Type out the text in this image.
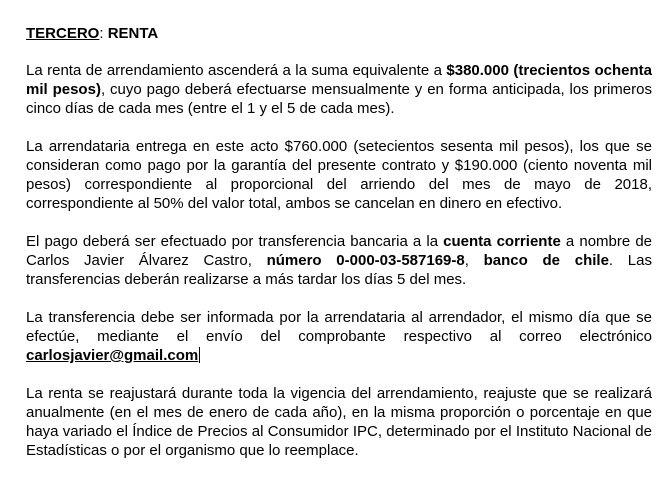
TERCERO: RENTA

La renta de arrendamiento ascenderá a la suma equivalente a $380.000 (trecientos ochenta mil pesos), cuyo pago deberá efectuarse mensualmente y en forma anticipada, los primeros cinco días de cada mes (entre el 1 y el 5 de cada mes).

La arrendataria entrega en este acto $760.000 (setecientos sesenta mil pesos), los que se consideran como pago por la garantía del presente contrato y $190.000 (ciento noventa mil pesos) correspondiente al proporcional del arriendo del mes de mayo de 2018, correspondiente al 50% del valor total, ambos se cancelan en dinero en efectivo.

El pago deberá ser efectuado por transferencia bancaria a la cuenta corriente a nombre de Carlos Javier Álvarez Castro, número 0-000-03-587169-8, banco de chile. Las transferencias deberán realizarse a más tardar los días 5 del mes.

La transferencia debe ser informada por la arrendataria al arrendador, el mismo día que se efectúe, mediante el envío del comprobante respectivo al correo electrónico carlosjavier@gmail.com

La renta se reajustará durante toda la vigencia del arrendamiento, reajuste que se realizará anualmente (en el mes de enero de cada año), en la misma proporción o porcentaje en que haya variado el Índice de Precios al Consumidor IPC, determinado por el Instituto Nacional de Estadísticas o por el organismo que lo reemplace.
